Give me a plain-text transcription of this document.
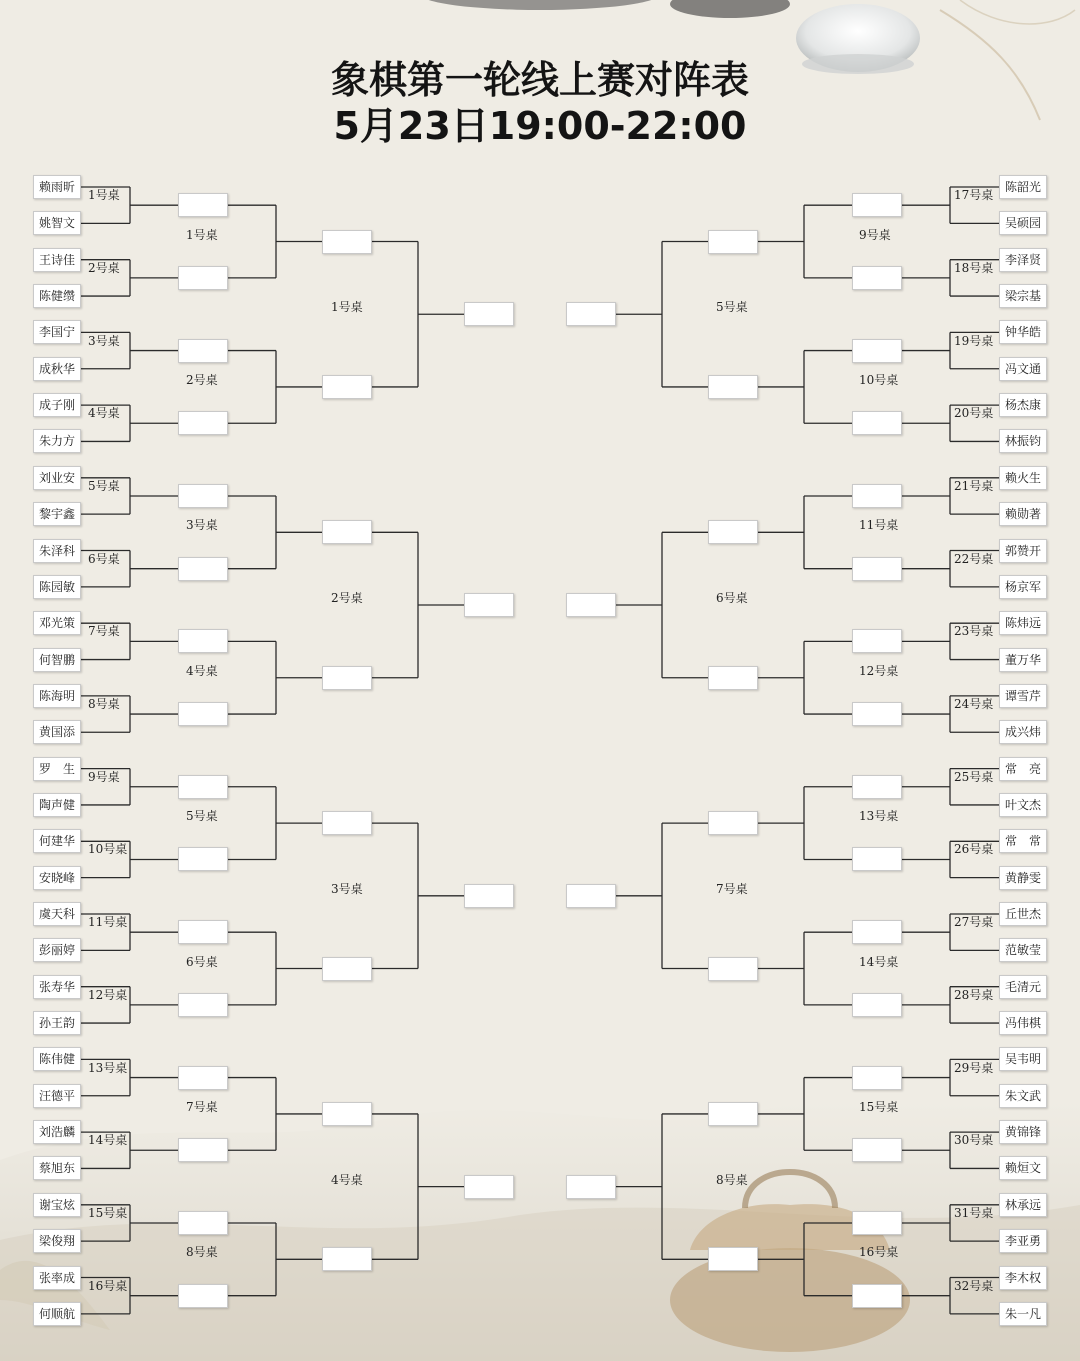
象棋第一轮线上赛对阵表
5月23日19:00-22:00
赖雨昕
姚智文
王诗佳
陈健缵
李国宁
成秋华
成子刚
朱力方
刘业安
黎宇鑫
朱泽科
陈园敏
邓光策
何智鹏
陈海明
黄国添
罗　生
陶声健
何建华
安晓峰
虞天科
彭丽婷
张寿华
孙王韵
陈伟健
汪德平
刘浩麟
蔡旭东
谢宝炫
梁俊翔
张率成
何顺航
1号桌
2号桌
3号桌
4号桌
5号桌
6号桌
7号桌
8号桌
9号桌
10号桌
11号桌
12号桌
13号桌
14号桌
15号桌
16号桌
1号桌
2号桌
3号桌
4号桌
5号桌
6号桌
7号桌
8号桌
1号桌
2号桌
3号桌
4号桌
陈韶光
吴硕园
李泽贤
梁宗基
钟华皓
冯文通
杨杰康
林振钧
赖火生
赖勋著
郭赞开
杨京军
陈炜远
董万华
谭雪芹
成兴炜
常　亮
叶文杰
常　常
黄静雯
丘世杰
范敏莹
毛清元
冯伟棋
吴韦明
朱文武
黄锦锋
赖烜文
林承远
李亚勇
李木权
朱一凡
17号桌
18号桌
19号桌
20号桌
21号桌
22号桌
23号桌
24号桌
25号桌
26号桌
27号桌
28号桌
29号桌
30号桌
31号桌
32号桌
9号桌
10号桌
11号桌
12号桌
13号桌
14号桌
15号桌
16号桌
5号桌
6号桌
7号桌
8号桌
